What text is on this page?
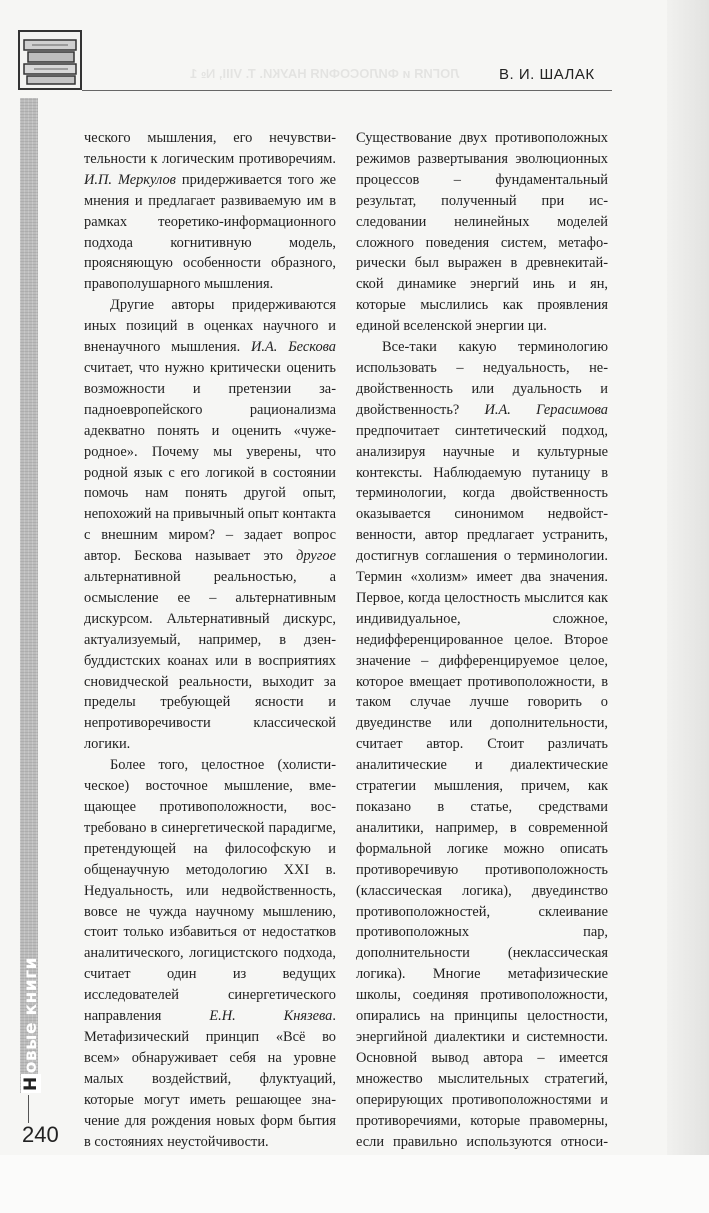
ЛОГИЯ и ФИЛОСОФИЯ НАУКИ. Т. VIII, № 1	В. И. ШАЛАК
Новые книги

ческого мышления, его нечувствительности к логическим противоречиям. И.П. Меркулов придерживается того же мнения и предлагает развиваемую им в рамках теоретико-информационного подхода когнитивную модель, проясняющую особенности образного, правополушарного мышления.

Другие авторы придерживаются иных позиций в оценках научного и вненаучного мышления. И.А. Бескова считает, что нужно критически оценить возможности и претензии западноевропейского рационализма адекватно понять и оценить «чужеродное». Почему мы уверены, что родной язык с его логикой в состоянии помочь нам понять другой опыт, непохожий на привычный опыт контакта с внешним миром? – задает вопрос автор. Бескова называет это другое альтернативной реальностью, а осмысление ее – альтернативным дискурсом. Альтернативный дискурс, актуализуемый, например, в дзенбуддистских коанах или в восприятиях сновидческой реальности, выходит за пределы требующей ясности и непротиворечивости классической логики.

Более того, целостное (холистическое) восточное мышление, вмещающее противоположности, востребовано в синергетической парадигме, претендующей на философскую и общенаучную методологию XXI в. Недуальность, или недвойственность, вовсе не чужда научному мышлению, стоит только избавиться от недостатков аналитического, логицистского подхода, считает один из ведущих исследователей синергетического направления Е.Н. Князева. Метафизический принцип «Всё во всем» обнаруживает себя на уровне малых воздействий, флуктуаций, которые могут иметь решающее значение для рождения новых форм бытия в состояниях неустойчивости.

Существование двух противоположных режимов развертывания эволюционных процессов – фундаментальный результат, полученный при исследовании нелинейных моделей сложного поведения систем, метафорически был выражен в древнекитайской динамике энергий инь и ян, которые мыслились как проявления единой вселенской энергии ци.

Все-таки какую терминологию использовать – недуальность, недвойственность или дуальность и двойственность? И.А. Герасимова предпочитает синтетический подход, анализируя научные и культурные контексты. Наблюдаемую путаницу в терминологии, когда двойственность оказывается синонимом недвойственности, автор предлагает устранить, достигнув соглашения о терминологии. Термин «холизм» имеет два значения. Первое, когда целостность мыслится как индивидуальное, сложное, недифференцированное целое. Второе значение – дифференцируемое целое, которое вмещает противоположности, в таком случае лучше говорить о двуединстве или дополнительности, считает автор. Стоит различать аналитические и диалектические стратегии мышления, причем, как показано в статье, средствами аналитики, например, в современной формальной логике можно описать противоречивую противоположность (классическая логика), двуединство противоположностей, склеивание противоположных пар, дополнительности (неклассическая логика). Многие метафизические школы, соединяя противоположности, опирались на принципы целостности, энергийной диалектики и системности. Основной вывод автора – имеется множество мыслительных стратегий, оперирующих противоположностями и противоречиями, которые правомерны, если правильно используются относи-

240
